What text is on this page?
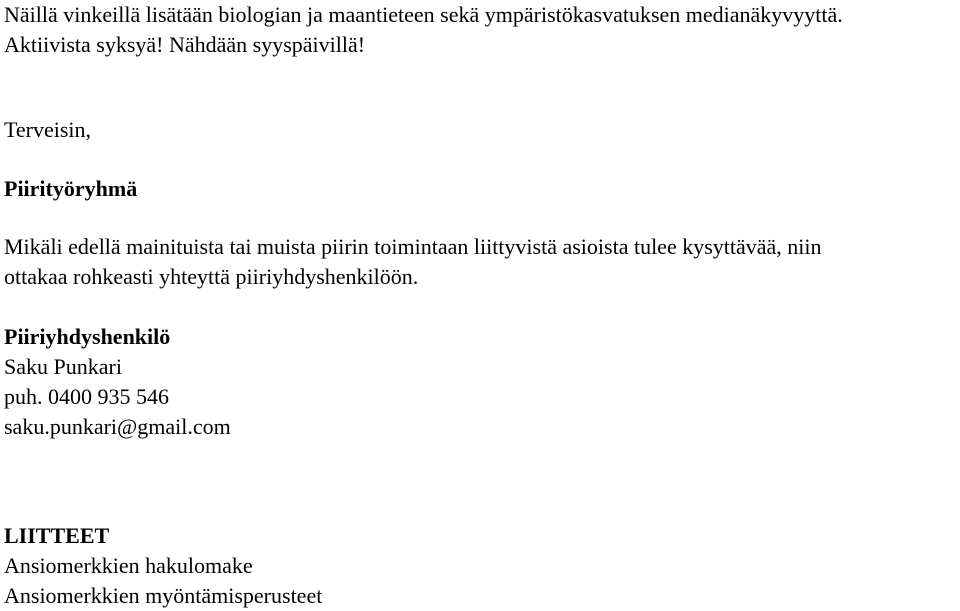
Näillä vinkeillä lisätään biologian ja maantieteen sekä ympäristökasvatuksen medianäkyvyyttä.
Aktiivista syksyä! Nähdään syyspäivillä!
Terveisin,
Piirityöryhmä
Mikäli edellä mainituista tai muista piirin toimintaan liittyvistä asioista tulee kysyttävää, niin
ottakaa rohkeasti yhteyttä piiriyhdyshenkilöön.
Piiriyhdyshenkilö
Saku Punkari
puh. 0400 935 546
saku.punkari@gmail.com
LIITTEET
Ansiomerkkien hakulomake
Ansiomerkkien myöntämisperusteet
